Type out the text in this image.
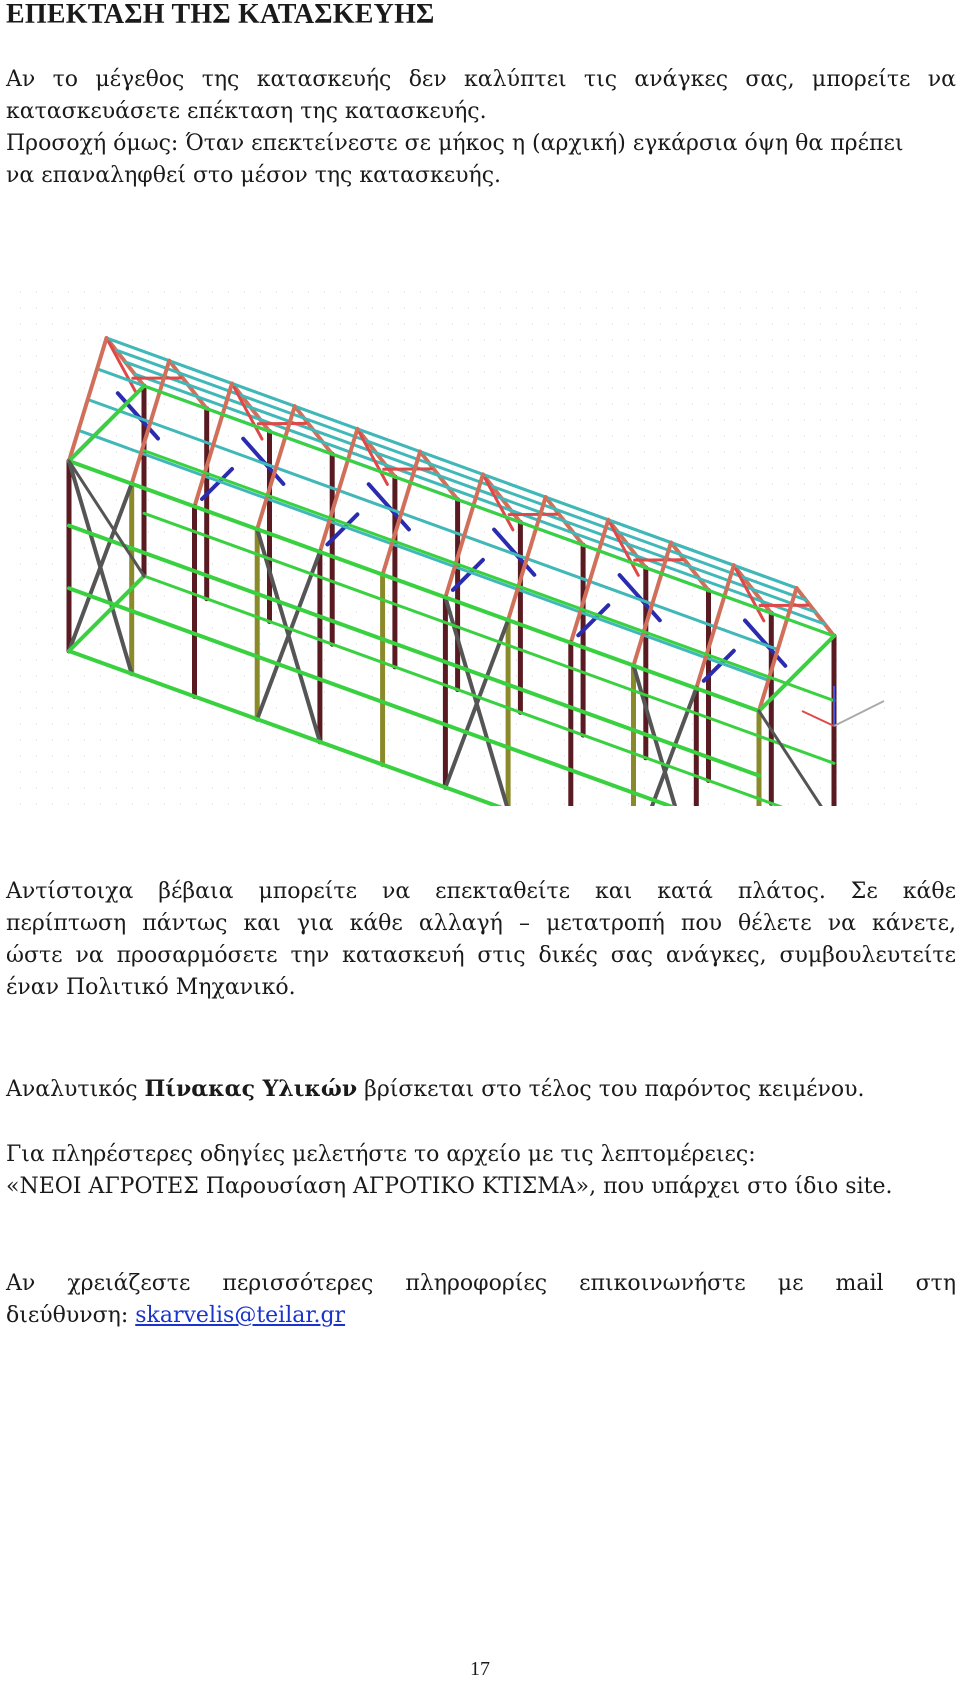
ΕΠΕΚΤΑΣΗ ΤΗΣ ΚΑΤΑΣΚΕΥΗΣ

Αν το μέγεθος της κατασκευής δεν καλύπτει τις ανάγκες σας, μπορείτε να
κατασκευάσετε επέκταση της κατασκευής.
Προσοχή όμως: Όταν επεκτείνεστε σε μήκος η (αρχική) εγκάρσια όψη θα πρέπει
να επαναληφθεί στο μέσον της κατασκευής.

Αντίστοιχα βέβαια μπορείτε να επεκταθείτε και κατά πλάτος. Σε κάθε
περίπτωση πάντως και για κάθε αλλαγή – μετατροπή που θέλετε να κάνετε,
ώστε να προσαρμόσετε την κατασκευή στις δικές σας ανάγκες, συμβουλευτείτε
έναν Πολιτικό Μηχανικό.

Αναλυτικός Πίνακας Υλικών βρίσκεται στο τέλος του παρόντος κειμένου.

Για πληρέστερες οδηγίες μελετήστε το αρχείο με τις λεπτομέρειες:
«ΝΕΟΙ ΑΓΡΟΤΕΣ Παρουσίαση ΑΓΡΟΤΙΚΟ ΚΤΙΣΜΑ», που υπάρχει στο ίδιο site.

Αν χρειάζεστε περισσότερες πληροφορίες επικοινωνήστε με mail στη
διεύθυνση: skarvelis@teilar.gr

17
